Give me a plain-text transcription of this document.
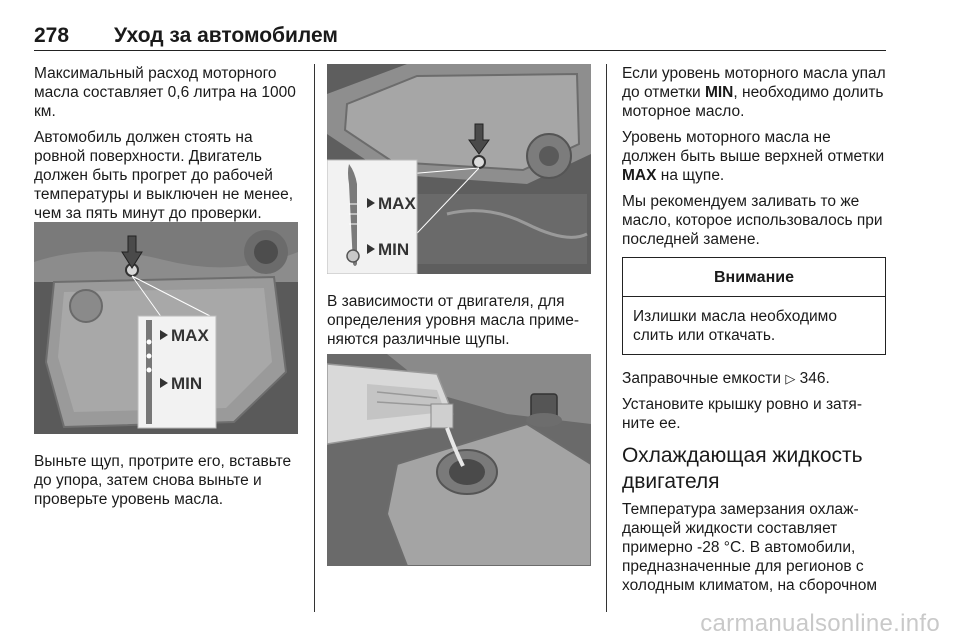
278 Уход за автомобилем

Максимальный расход моторного масла составляет 0,6 литра на 1000 км.

Автомобиль должен стоять на ровной поверхности. Двигатель должен быть прогрет до рабочей температуры и выключен не менее, чем за пять минут до проверки.

MAX
MIN

Выньте щуп, протрите его, вставьте до упора, затем снова выньте и проверьте уровень масла.

MAX
MIN

В зависимости от двигателя, для определения уровня масла применяются различные щупы.

Если уровень моторного масла упал до отметки MIN, необходимо долить моторное масло.

Уровень моторного масла не должен быть выше верхней отметки MAX на щупе.

Мы рекомендуем заливать то же масло, которое использовалось при последней замене.

Внимание
Излишки масла необходимо слить или откачать.

Заправочные емкости ▷ 346.

Установите крышку ровно и затяните ее.

Охлаждающая жидкость двигателя

Температура замерзания охлаждающей жидкости составляет примерно -28 °C. В автомобили, предназначенные для регионов с холодным климатом, на сборочном

carmanualsonline.info
